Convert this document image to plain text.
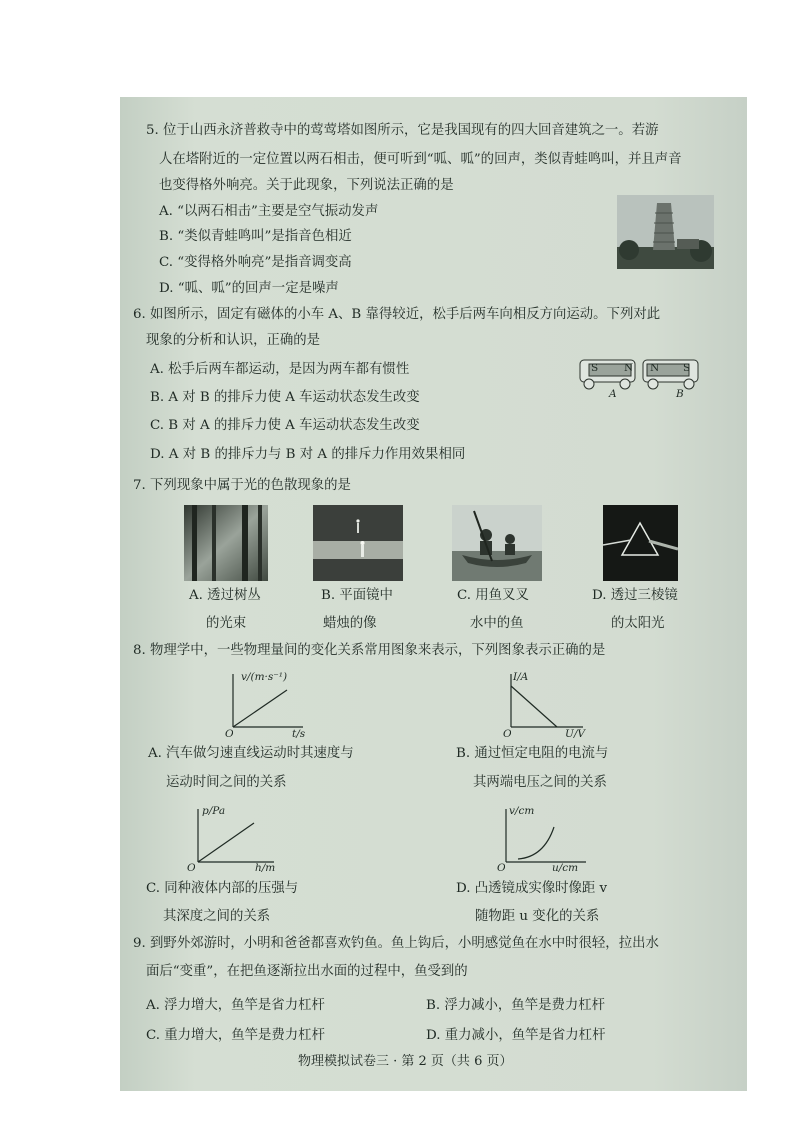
5. 位于山西永济普救寺中的莺莺塔如图所示，它是我国现有的四大回音建筑之一。若游
人在塔附近的一定位置以两石相击，便可听到“呱、呱”的回声，类似青蛙鸣叫，并且声音
也变得格外响亮。关于此现象，下列说法正确的是
A. “以两石相击”主要是空气振动发声
B. “类似青蛙鸣叫”是指音色相近
C. “变得格外响亮”是指音调变高
D. “呱、呱”的回声一定是噪声
6. 如图所示，固定有磁体的小车 A、B 靠得较近，松手后两车向相反方向运动。下列对此
现象的分析和认识，正确的是
A. 松手后两车都运动，是因为两车都有惯性
B. A 对 B 的排斥力使 A 车运动状态发生改变
C. B 对 A 的排斥力使 A 车运动状态发生改变
D. A 对 B 的排斥力与 B 对 A 的排斥力作用效果相同
S N N S
A	B
7. 下列现象中属于光的色散现象的是
A. 透过树丛
的光束
B. 平面镜中
蜡烛的像
C. 用鱼叉叉
水中的鱼
D. 透过三棱镜
的太阳光
8. 物理学中，一些物理量间的变化关系常用图象来表示，下列图象表示正确的是
v/(m·s⁻¹)
t/s
O
A. 汽车做匀速直线运动时其速度与
运动时间之间的关系
I/A
U/V
O
B. 通过恒定电阻的电流与
其两端电压之间的关系
p/Pa
h/m
O
C. 同种液体内部的压强与
其深度之间的关系
v/cm
u/cm
O
D. 凸透镜成实像时像距 v
随物距 u 变化的关系
9. 到野外郊游时，小明和爸爸都喜欢钓鱼。鱼上钩后，小明感觉鱼在水中时很轻，拉出水
面后“变重”，在把鱼逐渐拉出水面的过程中，鱼受到的
A. 浮力增大，鱼竿是省力杠杆	B. 浮力减小，鱼竿是费力杠杆
C. 重力增大，鱼竿是费力杠杆	D. 重力减小，鱼竿是省力杠杆
物理模拟试卷三 · 第 2 页（共 6 页）
